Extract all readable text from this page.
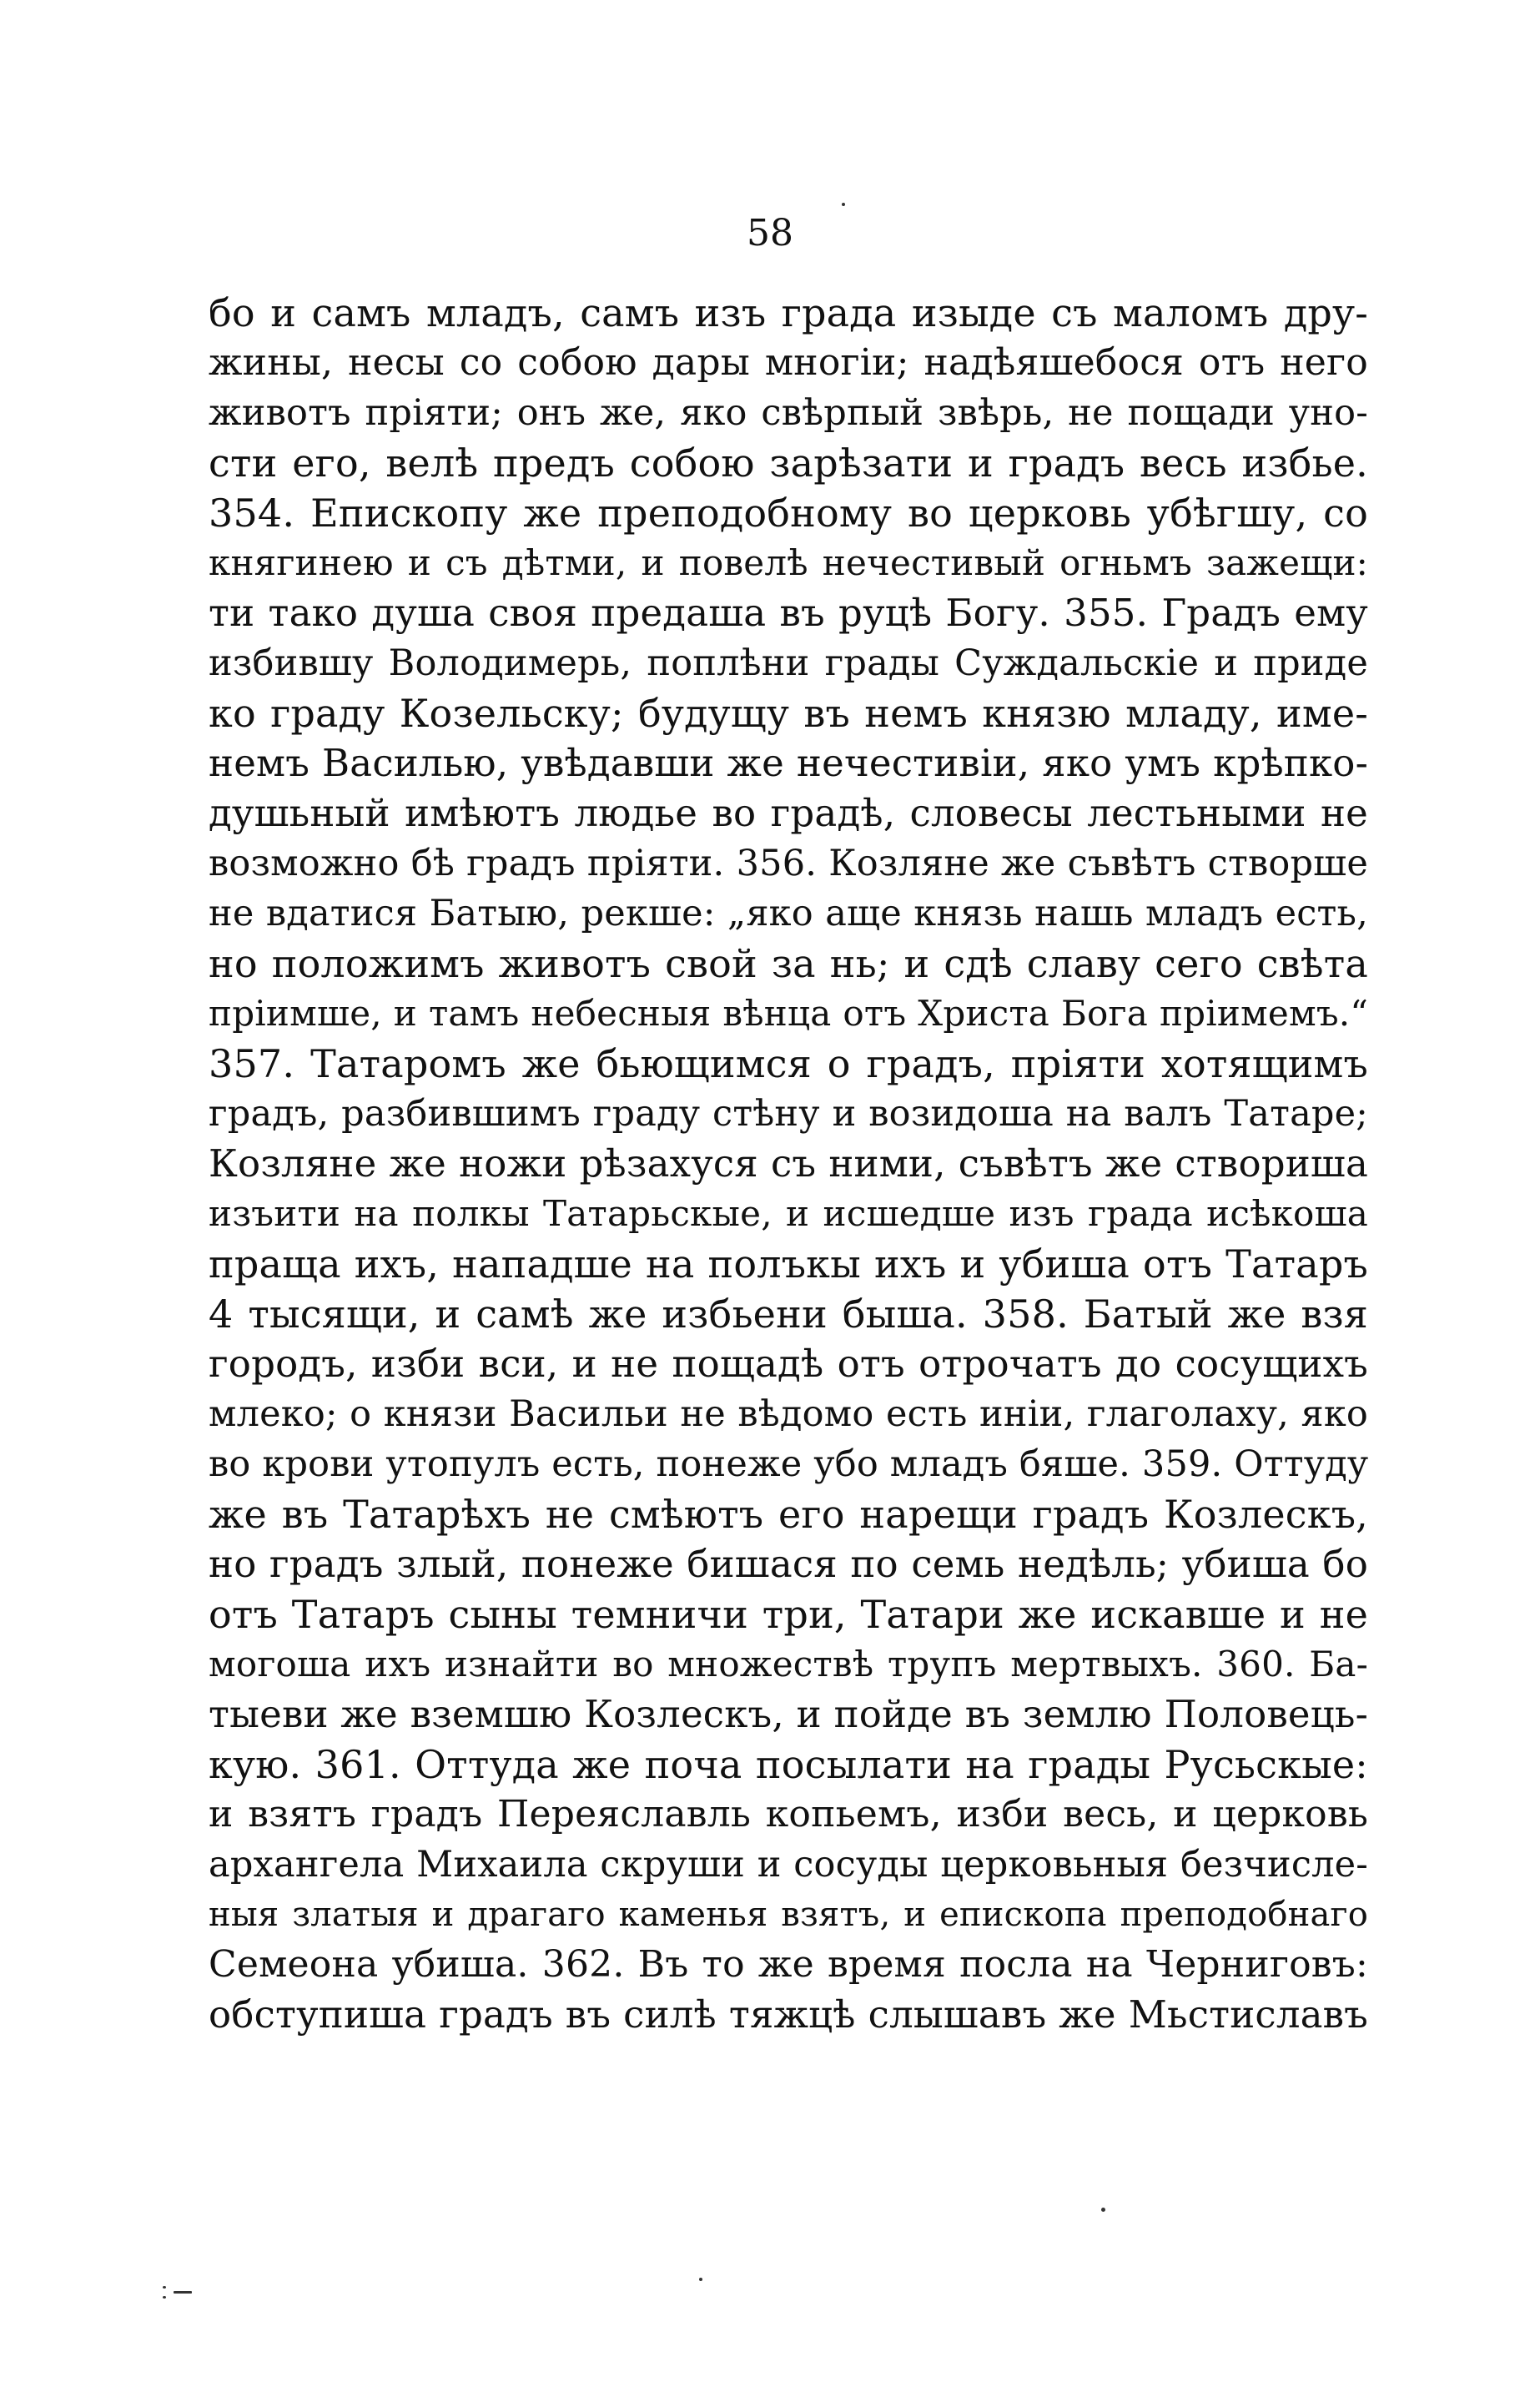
58
бо и самъ младъ, самъ изъ града изыде съ маломъ дру-
жины, несы со собою дары многiи; надѣяшебося отъ него
животъ прiяти; онъ же, яко свѣрпый звѣрь, не пощади уно-
сти его, велѣ предъ собою зарѣзати и градъ весь избье.
354. Епископу же преподобному во церковь убѣгшу, со
княгинею и съ дѣтми, и повелѣ нечестивый огньмъ зажещи:
ти тако душа своя предаша въ руцѣ Богу. 355. Градъ ему
избившу Володимерь, поплѣни грады Суждальскiе и приде
ко граду Козельску; будущу въ немъ князю младу, име-
немъ Василью, увѣдавши же нечестивiи, яко умъ крѣпко-
душьный имѣютъ людье во градѣ, словесы лестьными не
возможно бѣ градъ прiяти. 356. Козляне же съвѣтъ створше
не вдатися Батыю, рекше: „яко аще князь нашь младъ есть,
но положимъ животъ свой за нь; и сдѣ славу сего свѣта
прiимше, и тамъ небесныя вѣнца отъ Христа Бога прiимемъ.“
357. Татаромъ же бьющимся о градъ, прiяти хотящимъ
градъ, разбившимъ граду стѣну и возидоша на валъ Татаре;
Козляне же ножи рѣзахуся съ ними, съвѣтъ же створиша
изъити на полкы Татарьскые, и исшедше изъ града исѣкоша
праща ихъ, нападше на полъкы ихъ и убиша отъ Татаръ
4 тысящи, и самѣ же избьени быша. 358. Батый же взя
городъ, изби вси, и не пощадѣ отъ отрочатъ до сосущихъ
млеко; о князи Васильи не вѣдомо есть инiи, глаголаху, яко
во крови утопулъ есть, понеже убо младъ бяше. 359. Оттуду
же въ Татарѣхъ не смѣютъ его нарещи градъ Козлескъ,
но градъ злый, понеже бишася по семь недѣль; убиша бо
отъ Татаръ сыны темничи три, Татари же искавше и не
могоша ихъ изнайти во множествѣ трупъ мертвыхъ. 360. Ба-
тыеви же вземшю Козлескъ, и пойде въ землю Половець-
кую. 361. Оттуда же поча посылати на грады Русьскые:
и взятъ градъ Переяславль копьемъ, изби весь, и церковь
архангела Михаила скруши и сосуды церковьныя безчисле-
ныя златыя и драгаго каменья взятъ, и епископа преподобнаго
Семеона убиша. 362. Въ то же время посла на Черниговъ:
обступиша градъ въ силѣ тяжцѣ слышавъ же Мьстиславъ
